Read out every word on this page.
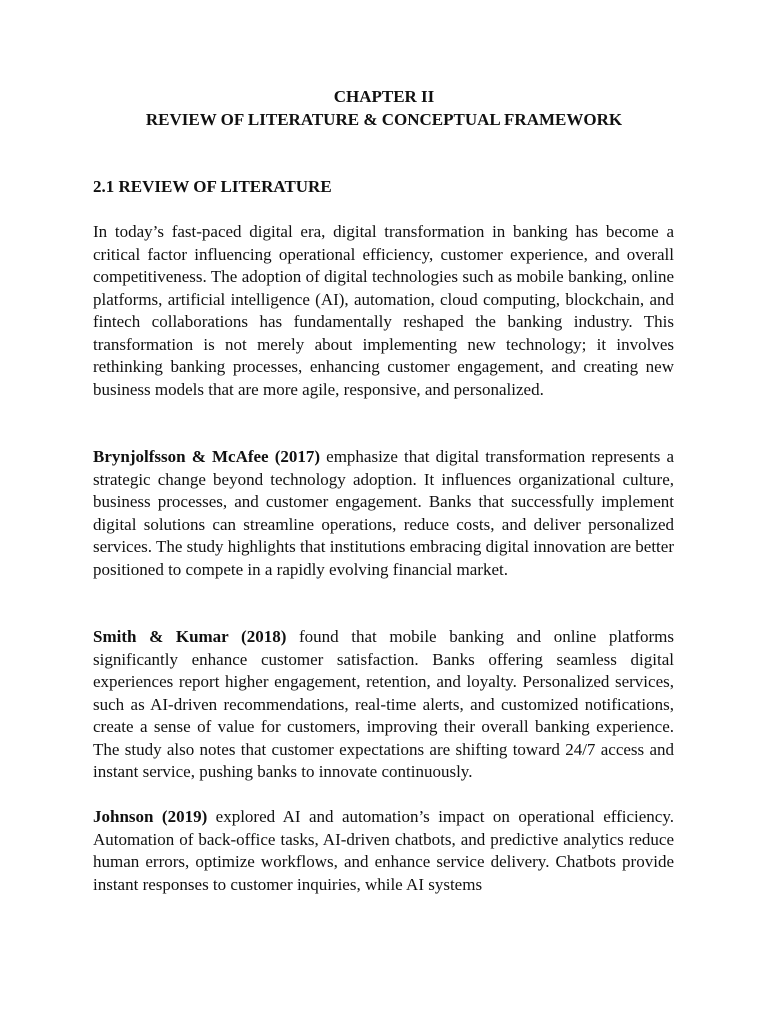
CHAPTER II
REVIEW OF LITERATURE & CONCEPTUAL FRAMEWORK
2.1 REVIEW OF LITERATURE

In today’s fast-paced digital era, digital transformation in banking has become a critical factor influencing operational efficiency, customer experience, and overall competitiveness. The adoption of digital technologies such as mobile banking, online platforms, artificial intelligence (AI), automation, cloud computing, blockchain, and fintech collaborations has fundamentally reshaped the banking industry. This transformation is not merely about implementing new technology; it involves rethinking banking processes, enhancing customer engagement, and creating new business models that are more agile, responsive, and personalized.

Brynjolfsson & McAfee (2017) emphasize that digital transformation represents a strategic change beyond technology adoption. It influences organizational culture, business processes, and customer engagement. Banks that successfully implement digital solutions can streamline operations, reduce costs, and deliver personalized services. The study highlights that institutions embracing digital innovation are better positioned to compete in a rapidly evolving financial market.

Smith & Kumar (2018) found that mobile banking and online platforms significantly enhance customer satisfaction. Banks offering seamless digital experiences report higher engagement, retention, and loyalty. Personalized services, such as AI-driven recommendations, real-time alerts, and customized notifications, create a sense of value for customers, improving their overall banking experience. The study also notes that customer expectations are shifting toward 24/7 access and instant service, pushing banks to innovate continuously.

Johnson (2019) explored AI and automation’s impact on operational efficiency. Automation of back-office tasks, AI-driven chatbots, and predictive analytics reduce human errors, optimize workflows, and enhance service delivery. Chatbots provide instant responses to customer inquiries, while AI systems
